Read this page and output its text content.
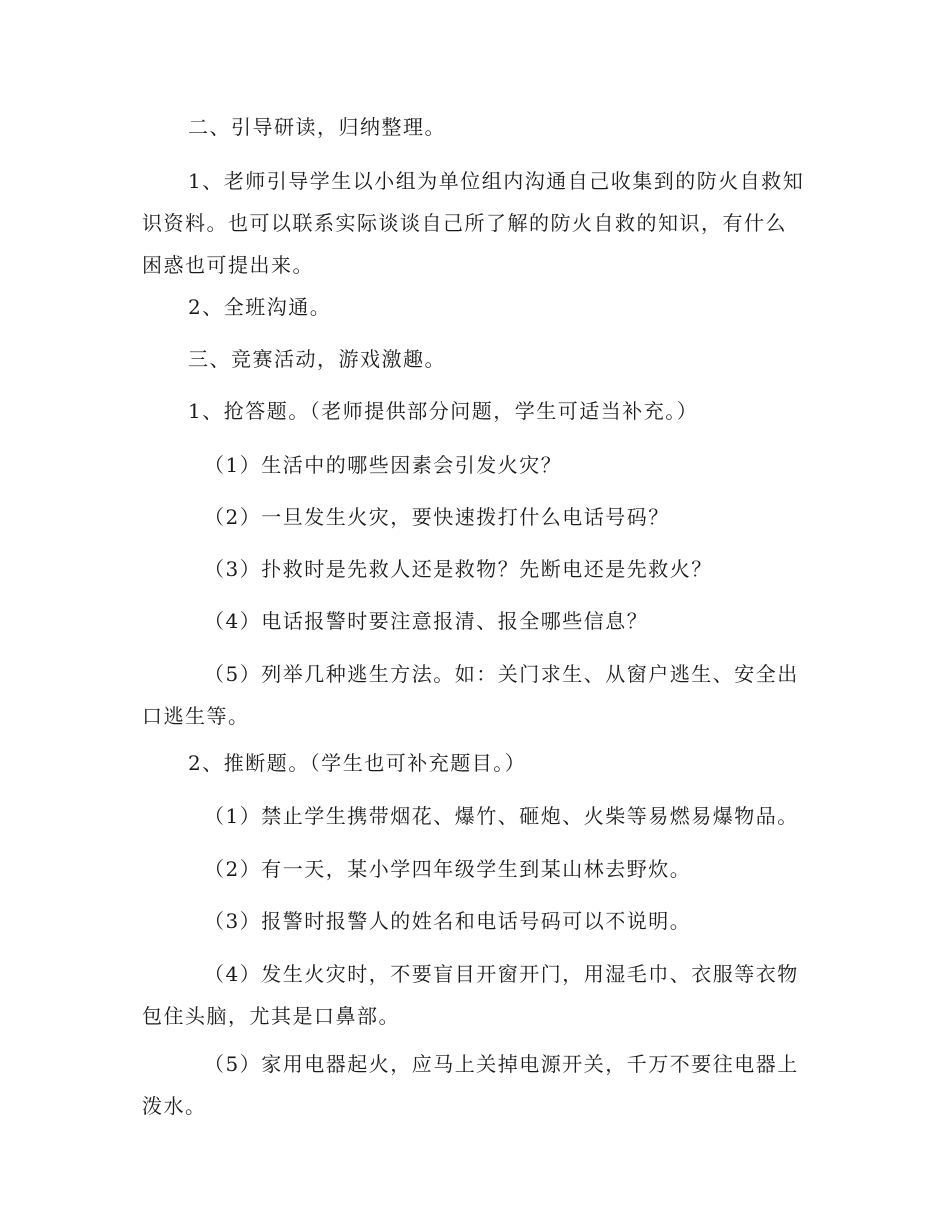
二、引导研读，归纳整理。

1、老师引导学生以小组为单位组内沟通自己收集到的防火自救知
识资料。也可以联系实际谈谈自己所了解的防火自救的知识，有什么
困惑也可提出来。

2、全班沟通。

三、竞赛活动，游戏激趣。

1、抢答题。（老师提供部分问题，学生可适当补充。）

（1）生活中的哪些因素会引发火灾？

（2）一旦发生火灾，要快速拨打什么电话号码？

（3）扑救时是先救人还是救物？先断电还是先救火？

（4）电话报警时要注意报清、报全哪些信息？

（5）列举几种逃生方法。如：关门求生、从窗户逃生、安全出
口逃生等。

2、推断题。（学生也可补充题目。）

（1）禁止学生携带烟花、爆竹、砸炮、火柴等易燃易爆物品。

（2）有一天，某小学四年级学生到某山林去野炊。

（3）报警时报警人的姓名和电话号码可以不说明。

（4）发生火灾时，不要盲目开窗开门，用湿毛巾、衣服等衣物
包住头脑，尤其是口鼻部。

（5）家用电器起火，应马上关掉电源开关，千万不要往电器上
泼水。
